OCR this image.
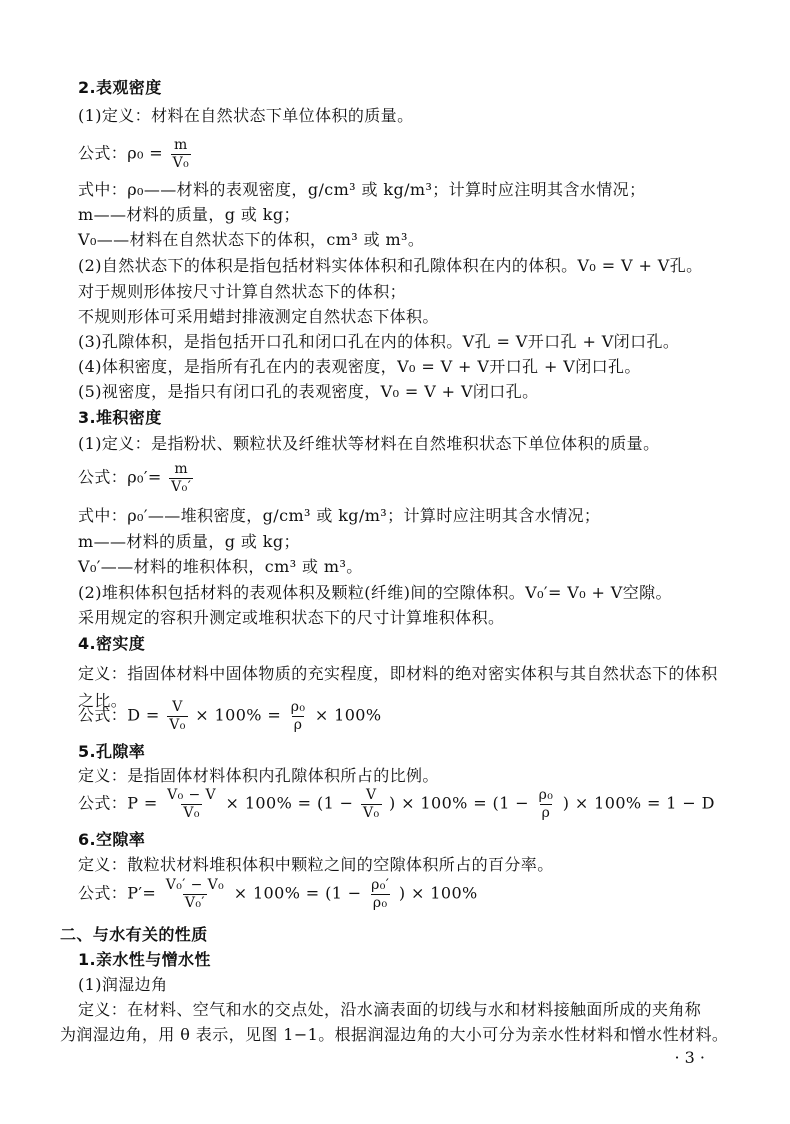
2.表观密度
(1)定义：材料在自然状态下单位体积的质量。
公式：$\rho_0 = \frac{m}{\text{V₀}}$
式中：ρ₀——材料的表观密度，g/cm³ 或 kg/m³；计算时应注明其含水情况；
m——材料的质量，g 或 kg；
V₀——材料在自然状态下的体积，cm³ 或 m³。
(2)自然状态下的体积是指包括材料实体体积和孔隙体积在内的体积。V₀ = V + V孔。
对于规则形体按尺寸计算自然状态下的体积；
不规则形体可采用蜡封排液测定自然状态下体积。
(3)孔隙体积，是指包括开口孔和闭口孔在内的体积。V孔 = V开口孔 + V闭口孔。
(4)体积密度，是指所有孔在内的表观密度，V₀ = V + V开口孔 + V闭口孔。
(5)视密度，是指只有闭口孔的表观密度，V₀ = V + V闭口孔。
3.堆积密度
(1)定义：是指粉状、颗粒状及纤维状等材料在自然堆积状态下单位体积的质量。
公式：$\rho_0'= \frac{m}{\text{V₀′}}$
式中：ρ₀′——堆积密度，g/cm³ 或 kg/m³；计算时应注明其含水情况；
m——材料的质量，g 或 kg；
V₀′——材料的堆积体积，cm³ 或 m³。
(2)堆积体积包括材料的表观体积及颗粒(纤维)间的空隙体积。V₀′= V₀ + V空隙。
采用规定的容积升测定或堆积状态下的尺寸计算堆积体积。
4.密实度
定义：指固体材料中固体物质的充实程度，即材料的绝对密实体积与其自然状态下的体积之比。
公式：$D = \frac{V}{\text{V₀}} \times 100\% = \frac{\text{ρ₀}}{\rho} \times 100\%$
5.孔隙率
定义：是指固体材料体积内孔隙体积所占的比例。
公式：$P = \frac{\text{V₀ − V}}{\text{V₀}} \times 100\% = (1 - \frac{V}{\text{V₀}}$ ) × $100\% = (1 - \frac{\text{ρ₀}}{\rho}$ ) × 100% = 1 − D
6.空隙率
定义：散粒状材料堆积体积中颗粒之间的空隙体积所占的百分率。
公式：$P'= \frac{\text{V₀′ − V₀}}{\text{V₀′}} \times 100\% = (1 - \frac{\text{ρ₀′}}{\text{ρ₀}}$ ) × 100%
二、与水有关的性质
1.亲水性与憎水性
(1)润湿边角
定义：在材料、空气和水的交点处，沿水滴表面的切线与水和材料接触面所成的夹角称
为润湿边角，用 θ 表示，见图 1−1。根据润湿边角的大小可分为亲水性材料和憎水性材料。
· 3 ·
